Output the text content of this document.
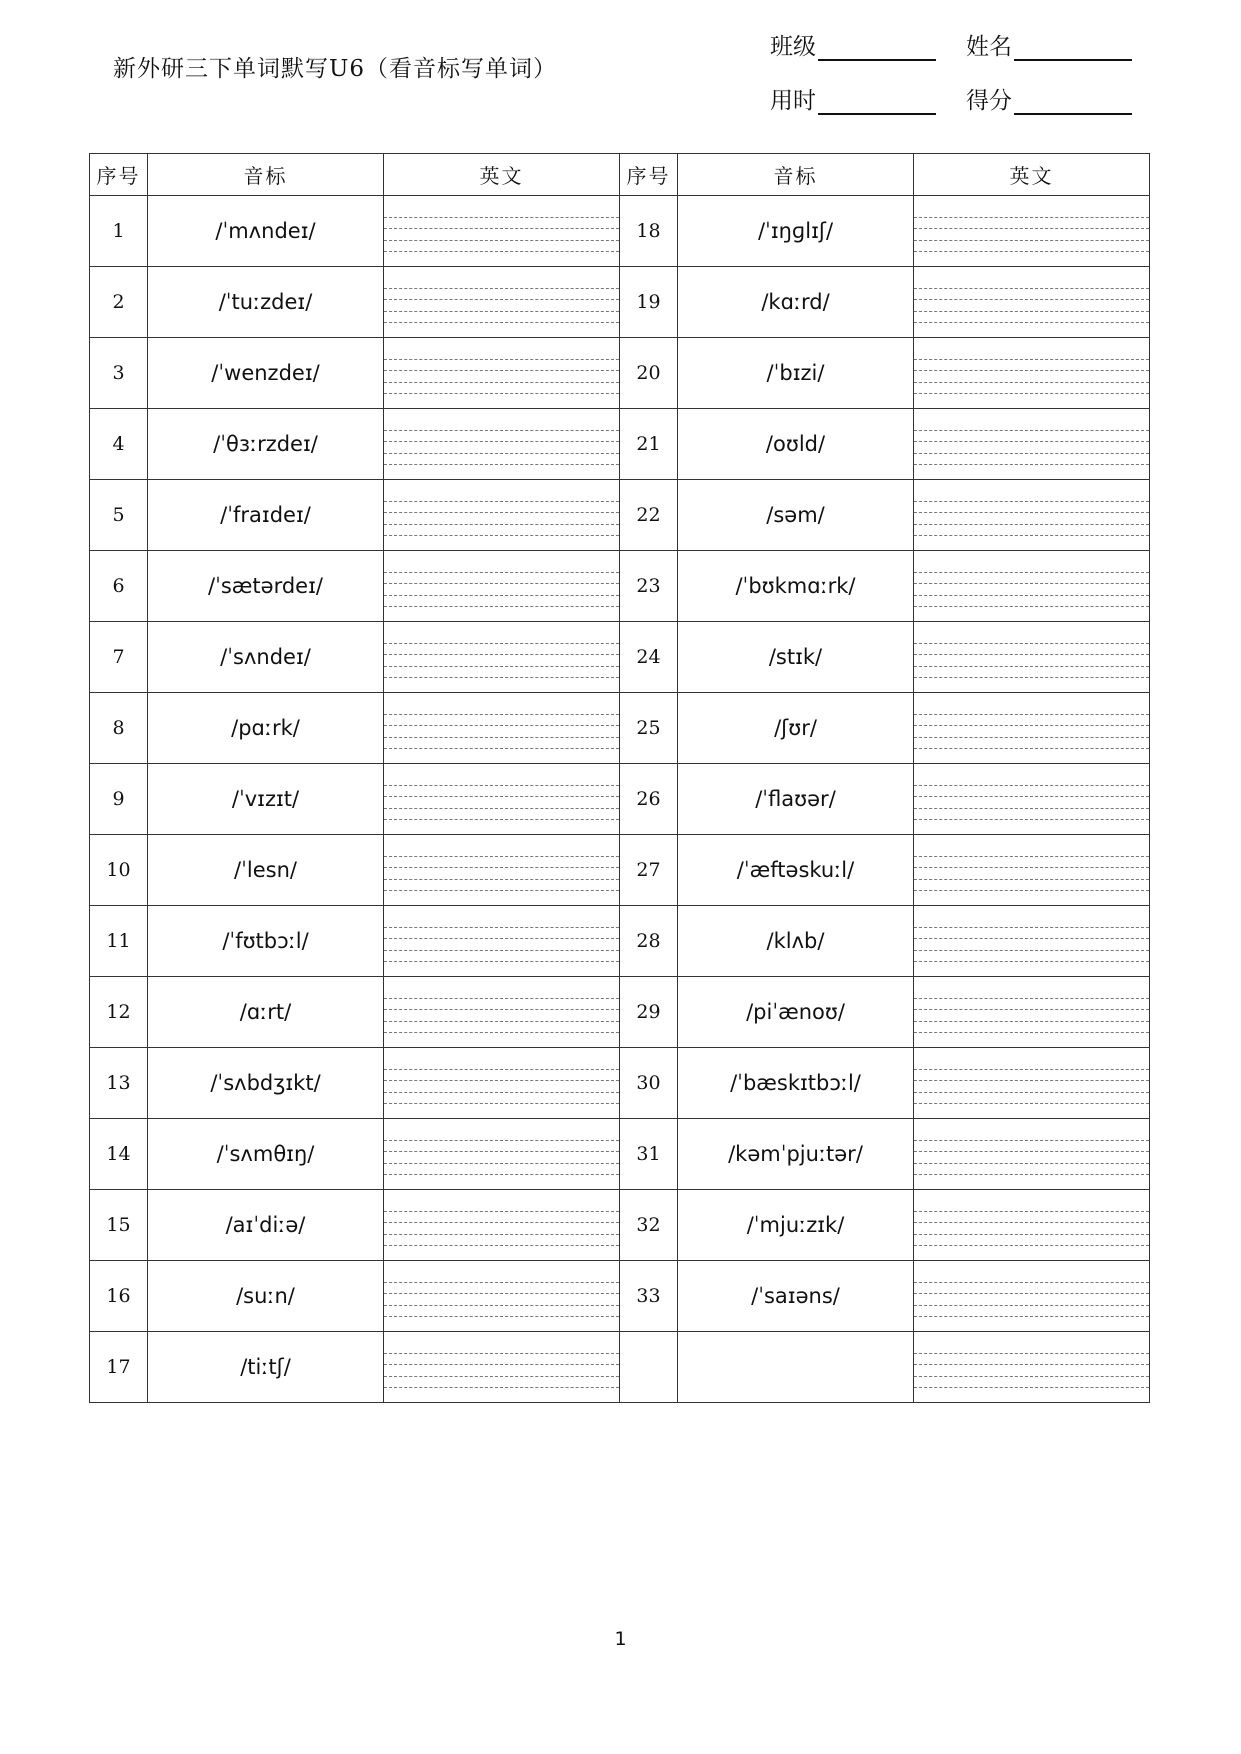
新外研三下单词默写U6（看音标写单词）
班级	姓名
用时	得分
序号	音标	英文	序号	音标	英文
1	/ˈmʌndeɪ/		18	/ˈɪŋɡlɪʃ/	

2	/ˈtuːzdeɪ/		19	/kɑːrd/	

3	/ˈwenzdeɪ/		20	/ˈbɪzi/	

4	/ˈθɜːrzdeɪ/		21	/oʊld/	

5	/ˈfraɪdeɪ/		22	/səm/	

6	/ˈsætərdeɪ/		23	/ˈbʊkmɑːrk/	

7	/ˈsʌndeɪ/		24	/stɪk/	

8	/pɑːrk/		25	/ʃʊr/	

9	/ˈvɪzɪt/		26	/ˈflaʊər/	

10	/ˈlesn/		27	/ˈæftəskuːl/	

11	/ˈfʊtbɔːl/		28	/klʌb/	

12	/ɑːrt/		29	/piˈænoʊ/	

13	/ˈsʌbdʒɪkt/		30	/ˈbæskɪtbɔːl/	

14	/ˈsʌmθɪŋ/		31	/kəmˈpjuːtər/	

15	/aɪˈdiːə/		32	/ˈmjuːzɪk/	

16	/suːn/		33	/ˈsaɪəns/	

17	/tiːtʃ/	

1
